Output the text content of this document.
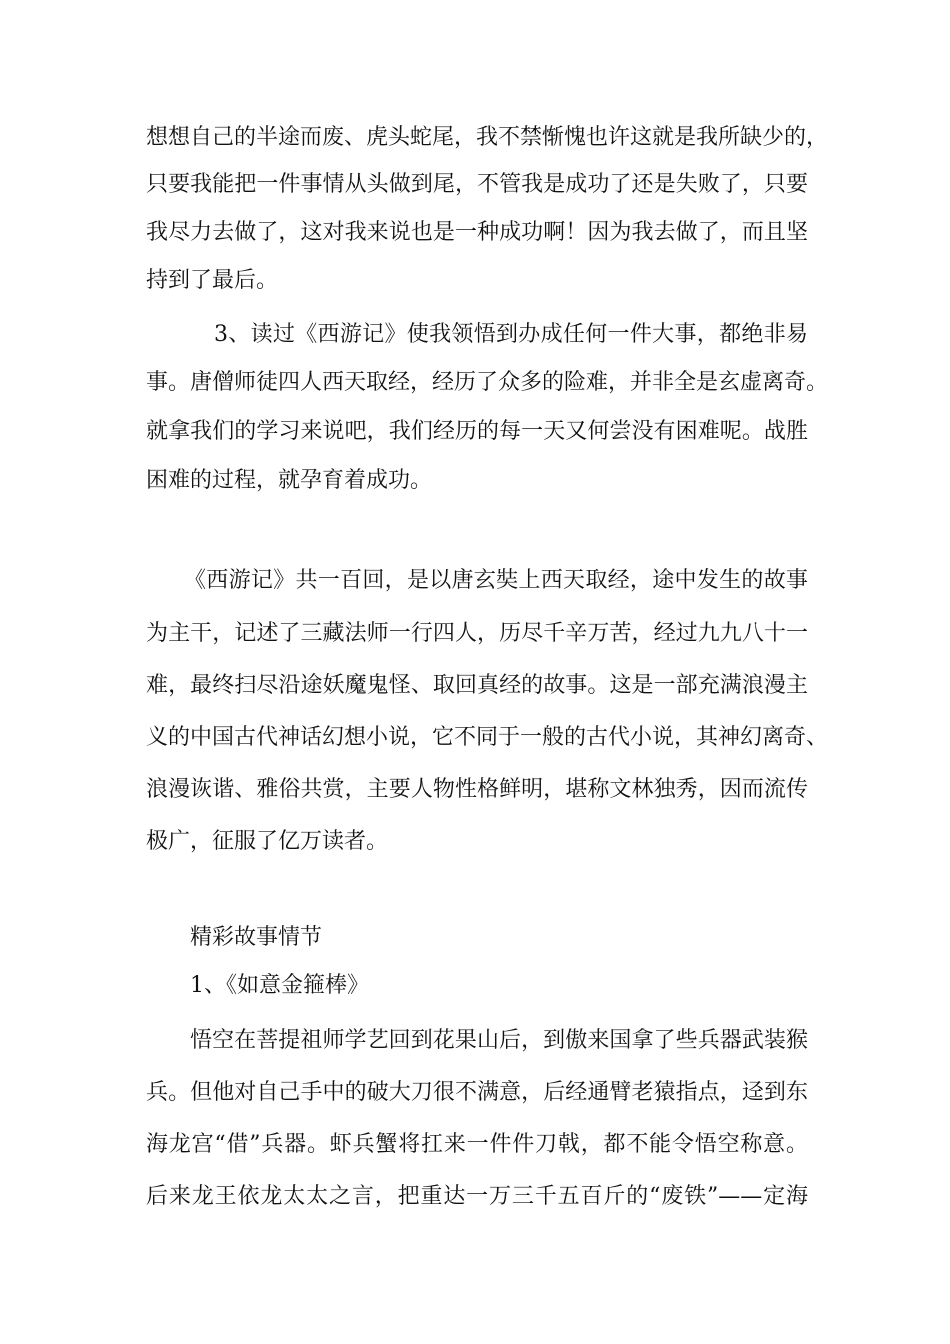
想想自己的半途而废、虎头蛇尾，我不禁惭愧也许这就是我所缺少的，
只要我能把一件事情从头做到尾，不管我是成功了还是失败了，只要
我尽力去做了，这对我来说也是一种成功啊！因为我去做了，而且坚
持到了最后。
3、读过《西游记》使我领悟到办成任何一件大事，都绝非易
事。唐僧师徒四人西天取经，经历了众多的险难，并非全是玄虚离奇。
就拿我们的学习来说吧，我们经历的每一天又何尝没有困难呢。战胜
困难的过程，就孕育着成功。
《西游记》共一百回，是以唐玄奘上西天取经，途中发生的故事
为主干，记述了三藏法师一行四人，历尽千辛万苦，经过九九八十一
难，最终扫尽沿途妖魔鬼怪、取回真经的故事。这是一部充满浪漫主
义的中国古代神话幻想小说，它不同于一般的古代小说，其神幻离奇、
浪漫诙谐、雅俗共赏，主要人物性格鲜明，堪称文林独秀，因而流传
极广，征服了亿万读者。
精彩故事情节
1、《如意金箍棒》
悟空在菩提祖师学艺回到花果山后，到傲来国拿了些兵器武装猴
兵。但他对自己手中的破大刀很不满意，后经通臂老猿指点，迳到东
海龙宫“借”兵器。虾兵蟹将扛来一件件刀戟，都不能令悟空称意。
后来龙王依龙太太之言，把重达一万三千五百斤的“废铁”——定海
